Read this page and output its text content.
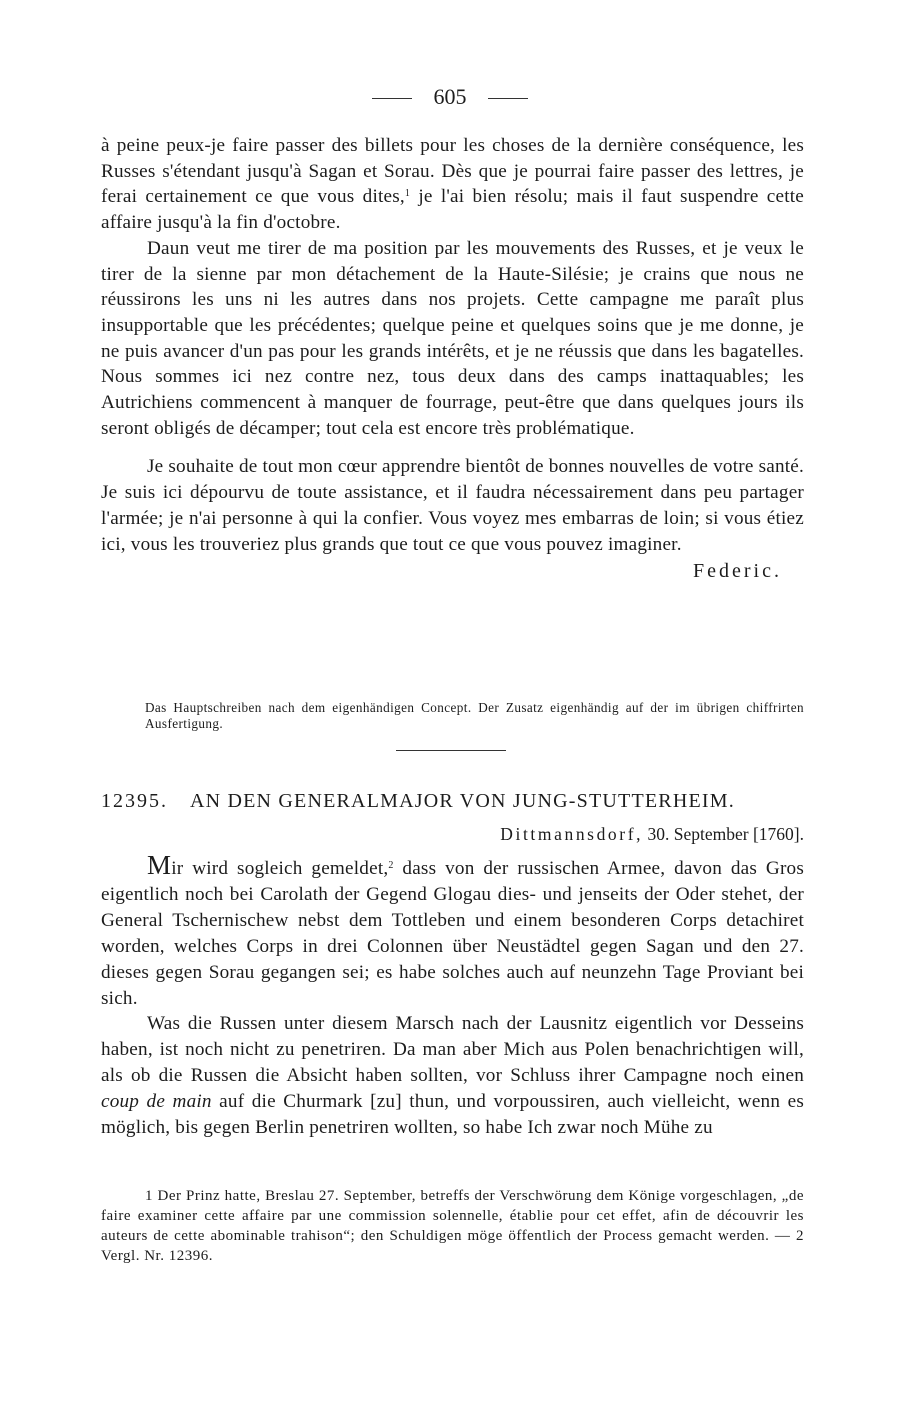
605

à peine peux-je faire passer des billets pour les choses de la dernière conséquence, les Russes s'étendant jusqu'à Sagan et Sorau. Dès que je pourrai faire passer des lettres, je ferai certainement ce que vous dites,$^1$ je l'ai bien résolu; mais il faut suspendre cette affaire jusqu'à la fin d'octobre.

Daun veut me tirer de ma position par les mouvements des Russes, et je veux le tirer de la sienne par mon détachement de la Haute-Silésie; je crains que nous ne réussirons les uns ni les autres dans nos projets. Cette campagne me paraît plus insupportable que les précédentes; quelque peine et quelques soins que je me donne, je ne puis avancer d'un pas pour les grands intérêts, et je ne réussis que dans les bagatelles. Nous sommes ici nez contre nez, tous deux dans des camps inattaquables; les Autrichiens commencent à manquer de fourrage, peut-être que dans quelques jours ils seront obligés de décamper; tout cela est encore très problématique.

Je souhaite de tout mon cœur apprendre bientôt de bonnes nouvelles de votre santé. Je suis ici dépourvu de toute assistance, et il faudra nécessairement dans peu partager l'armée; je n'ai personne à qui la confier. Vous voyez mes embarras de loin; si vous étiez ici, vous les trouveriez plus grands que tout ce que vous pouvez imaginer.

Federic.
Das Hauptschreiben nach dem eigenhändigen Concept. Der Zusatz eigenhändig auf der im übrigen chiffrirten Ausfertigung.
12395. AN DEN GENERALMAJOR VON JUNG-STUTTERHEIM.
Dittmannsdorf, 30. September [1760].

Mir wird sogleich gemeldet,$^2$ dass von der russischen Armee, davon das Gros eigentlich noch bei Carolath der Gegend Glogau dies- und jenseits der Oder stehet, der General Tschernischew nebst dem Tottleben und einem besonderen Corps detachiret worden, welches Corps in drei Colonnen über Neustädtel gegen Sagan und den 27. dieses gegen Sorau gegangen sei; es habe solches auch auf neunzehn Tage Proviant bei sich.

Was die Russen unter diesem Marsch nach der Lausnitz eigentlich vor Desseins haben, ist noch nicht zu penetriren. Da man aber Mich aus Polen benachrichtigen will, als ob die Russen die Absicht haben sollten, vor Schluss ihrer Campagne noch einen coup de main auf die Churmark [zu] thun, und vorpoussiren, auch vielleicht, wenn es möglich, bis gegen Berlin penetriren wollten, so habe Ich zwar noch Mühe zu

1 Der Prinz hatte, Breslau 27. September, betreffs der Verschwörung dem Könige vorgeschlagen, „de faire examiner cette affaire par une commission solennelle, établie pour cet effet, afin de découvrir les auteurs de cette abominable trahison“; den Schuldigen möge öffentlich der Process gemacht werden. — 2 Vergl. Nr. 12396.
